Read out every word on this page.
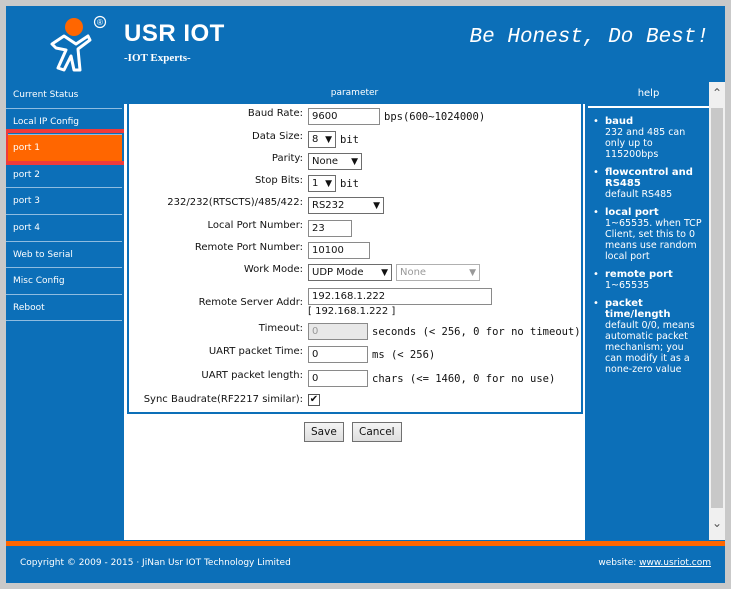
® USR IOT
-IOT Experts-
Be Honest, Do Best!
Current Status
Local IP Config
port 1
port 2
port 3
port 4
Web to Serial
Misc Config
Reboot
parameter
Baud Rate: 9600	bps(600~1024000)
Data Size: 8 ▼ bit
Parity: None ▼
Stop Bits: 1 ▼ bit
232/232(RTSCTS)/485/422: RS232	▼
Local Port Number: 23
Remote Port Number: 10100
Work Mode: UDP Mode ▼ None	▼
Remote Server Addr:
192.168.1.222
[ 192.168.1.222 ]
Timeout: 0	seconds (< 256, 0 for no timeout)
UART packet Time: 0	ms (< 256)
UART packet length: 0	chars (<= 1460, 0 for no use)
Sync Baudrate(RF2217 similar): ✔
Save	Cancel
help
• baud
232 and 485 can only up to 115200bps
• flowcontrol and RS485
default RS485
• local port
1~65535. when TCP Client, set this to 0 means use random local port
• remote port
1~65535
• packet time/length
default 0/0, means automatic packet mechanism; you can modify it as a none-zero value
⌃
⌄
Copyright © 2009 - 2015 · JiNan Usr IOT Technology Limited	website: www.usriot.com
